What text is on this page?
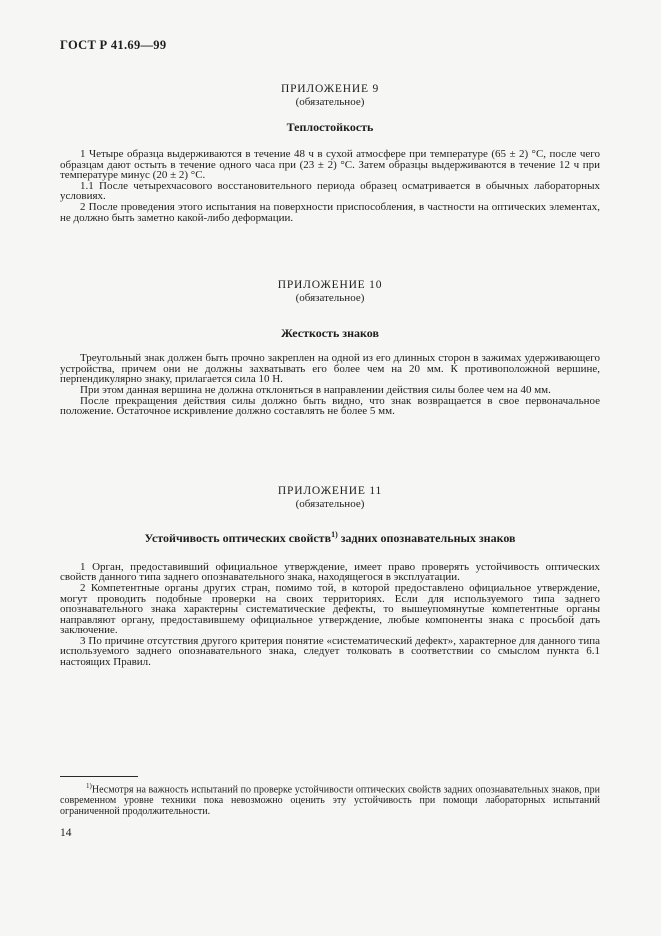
ГОСТ Р 41.69—99
ПРИЛОЖЕНИЕ 9
(обязательное)
Теплостойкость

1 Четыре образца выдерживаются в течение 48 ч в сухой атмосфере при температуре (65 ± 2) °С, после чего образцам дают остыть в течение одного часа при (23 ± 2) °С. Затем образцы выдерживаются в течение 12 ч при температуре минус (20 ± 2) °С.

1.1 После четырехчасового восстановительного периода образец осматривается в обычных лабораторных условиях.

2 После проведения этого испытания на поверхности приспособления, в частности на оптических элементах, не должно быть заметно какой-либо деформации.

ПРИЛОЖЕНИЕ 10
(обязательное)
Жесткость знаков

Треугольный знак должен быть прочно закреплен на одной из его длинных сторон в зажимах удерживающего устройства, причем они не должны захватывать его более чем на 20 мм. К противоположной вершине, перпендикулярно знаку, прилагается сила 10 Н.

При этом данная вершина не должна отклоняться в направлении действия силы более чем на 40 мм.

После прекращения действия силы должно быть видно, что знак возвращается в свое первоначальное положение. Остаточное искривление должно составлять не более 5 мм.

ПРИЛОЖЕНИЕ 11
(обязательное)
Устойчивость оптических свойств$^{1)}$ задних опознавательных знаков

1 Орган, предоставивший официальное утверждение, имеет право проверять устойчивость оптических свойств данного типа заднего опознавательного знака, находящегося в эксплуатации.

2 Компетентные органы других стран, помимо той, в которой предоставлено официальное утверждение, могут проводить подобные проверки на своих территориях. Если для используемого типа заднего опознавательного знака характерны систематические дефекты, то вышеупомянутые компетентные органы направляют органу, предоставившему официальное утверждение, любые компоненты знака с просьбой дать заключение.

3 По причине отсутствия другого критерия понятие «систематический дефект», характерное для данного типа используемого заднего опознавательного знака, следует толковать в соответствии со смыслом пункта 6.1 настоящих Правил.

$^{1)}$Несмотря на важность испытаний по проверке устойчивости оптических свойств задних опознавательных знаков, при современном уровне техники пока невозможно оценить эту устойчивость при помощи лабораторных испытаний ограниченной продолжительности.

14
